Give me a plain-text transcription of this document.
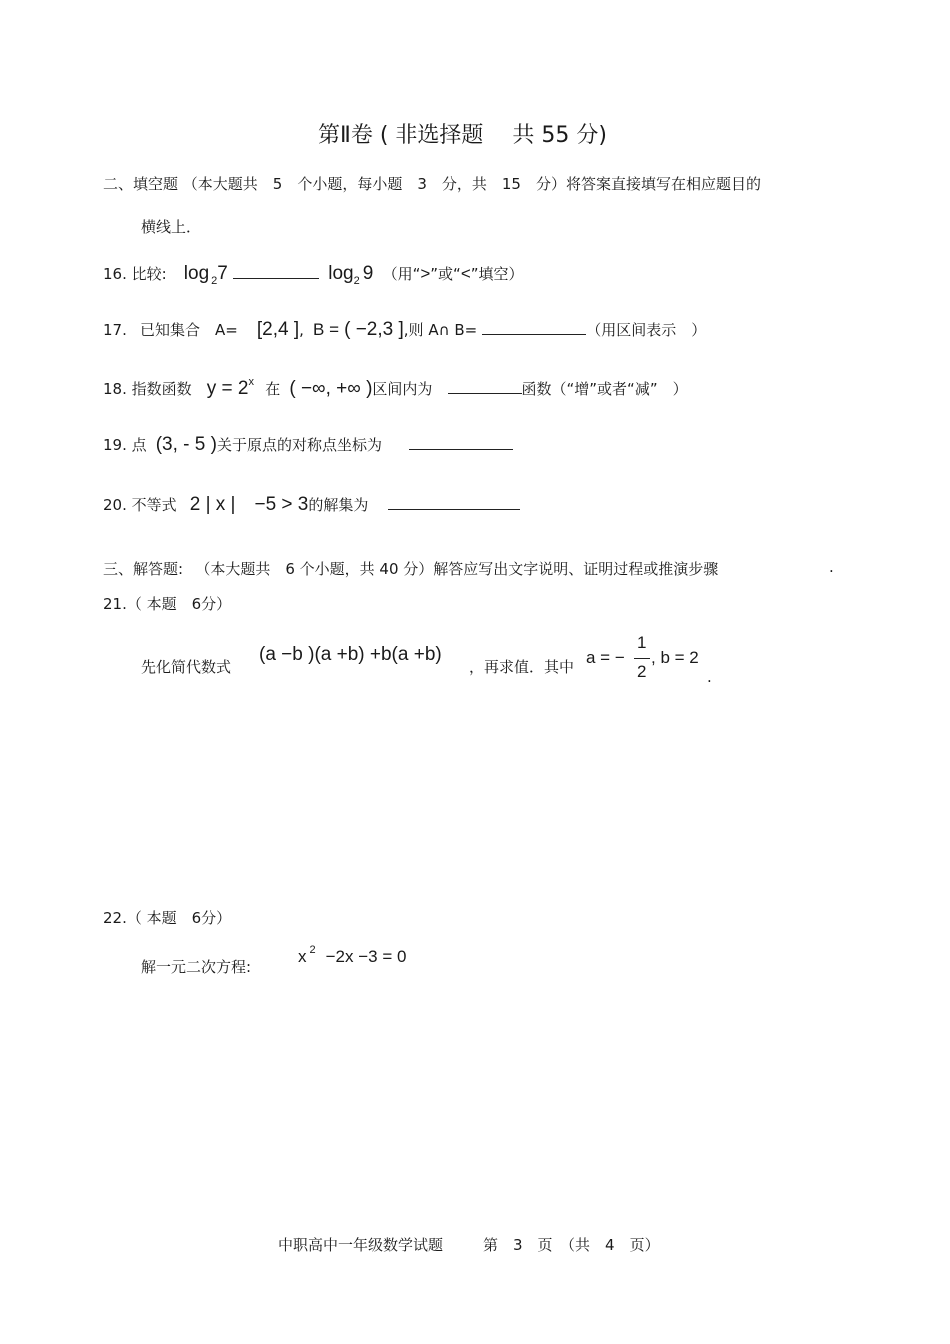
第Ⅱ卷 ( 非选择题　 共 55 分)
二、填空题 （本大题共　5　个小题，每小题　3　分，共　15　分）将答案直接填写在相应题目的
横线上．
16. 比较: log $_2$7	$\log_2 9$ （用“>”或“<”填空）
17. 已知集合　A= [2,4 ], B = ( −2,3 ],则 A∩ B=	（用区间表示　）
18. 指数函数 $y = 2^x$ 在 ( −∞, +∞ )区间内为	函数（“增”或者“减”　）
19. 点 (3, - 5 )关于原点的对称点坐标为
20. 不等式 2 | x |　−5 > 3的解集为
三、解答题: 　（本大题共　6 个小题，共 40 分）解答应写出文字说明、证明过程或推演步骤	.
21.（ 本题　6分）
先化简代数式
(a −b )(a +b) +b(a +b)
，再求值．其中 a = −
1
2
, b = 2
.
22.（ 本题　6分）
解一元二次方程:
x $^2$ −2x −3 = 0
中职高中一年级数学试题	第　3　页　（共　4　页）
